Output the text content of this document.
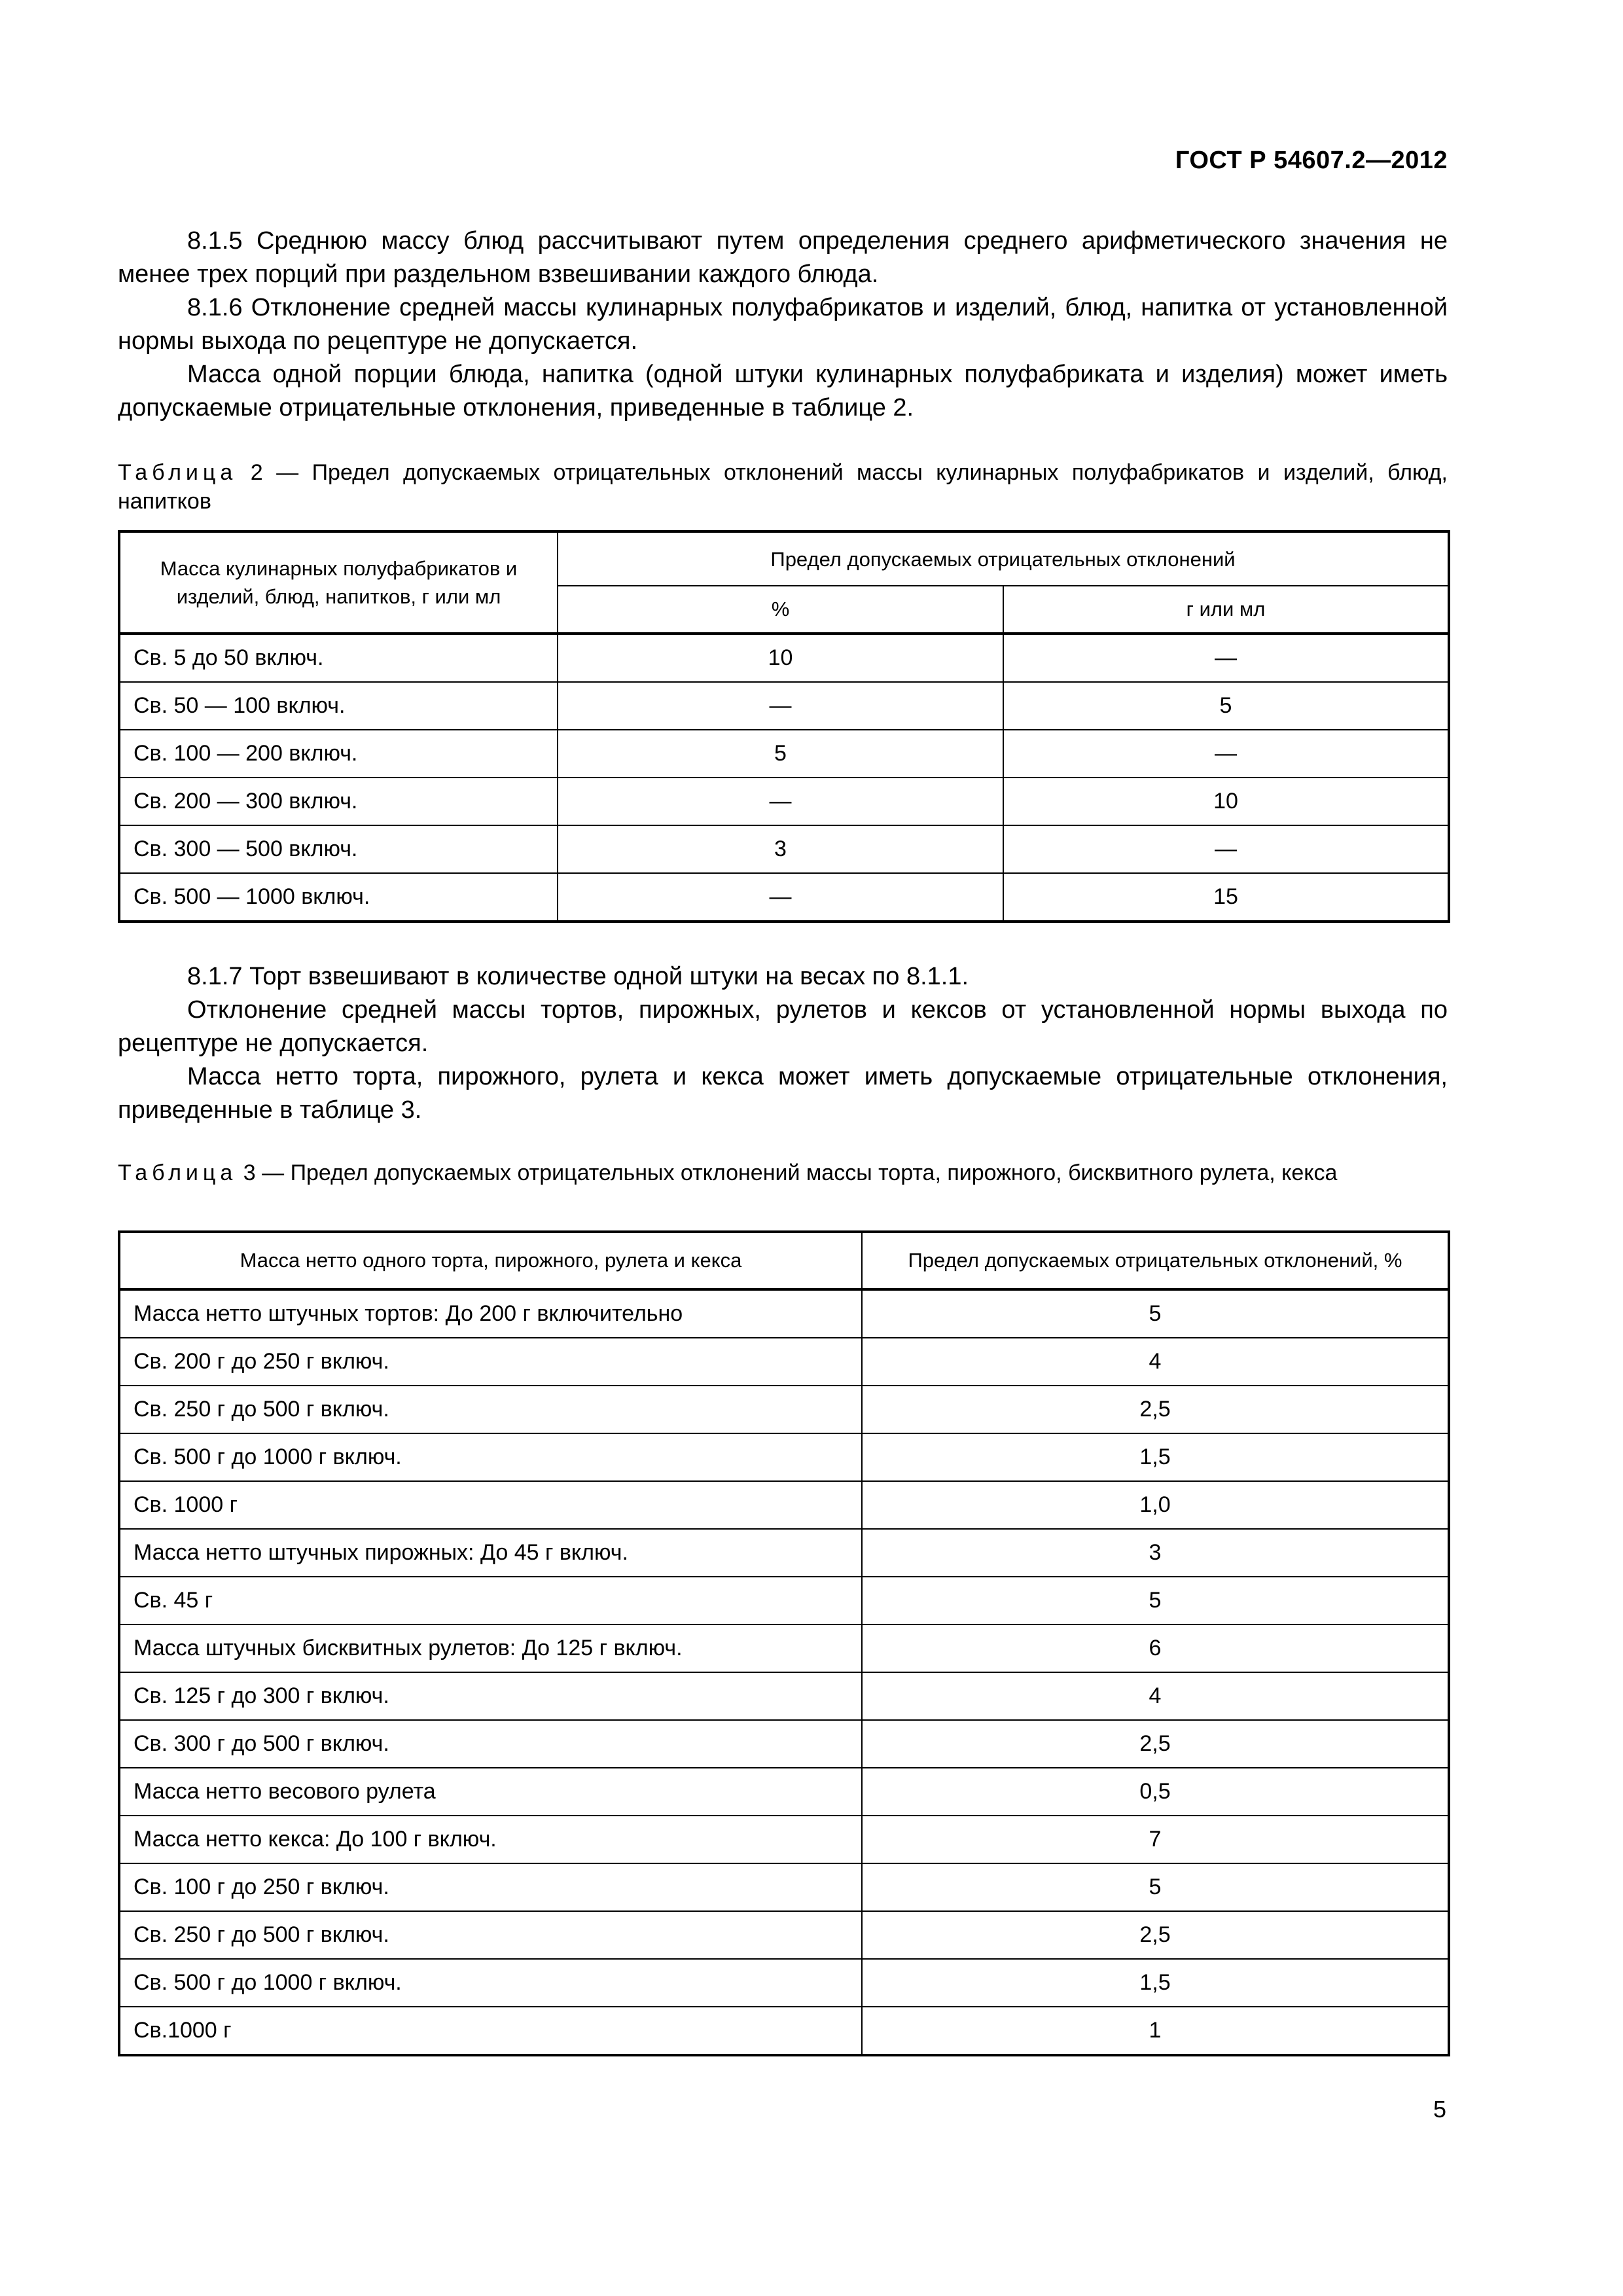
ГОСТ Р 54607.2—2012

8.1.5 Среднюю массу блюд рассчитывают путем определения среднего арифметического значения не менее трех порций при раздельном взвешивании каждого блюда.

8.1.6 Отклонение средней массы кулинарных полуфабрикатов и изделий, блюд, напитка от установленной нормы выхода по рецептуре не допускается.

Масса одной порции блюда, напитка (одной штуки кулинарных полуфабриката и изделия) может иметь допускаемые отрицательные отклонения, приведенные в таблице 2.

Таблица 2 — Предел допускаемых отрицательных отклонений массы кулинарных полуфабрикатов и изделий, блюд, напитков

Масса кулинарных полуфабрикатов и изделий, блюд, напитков, г или мл	Предел допускаемых отрицательных отклонений	
	%	г или мл
Св. 5 до 50 включ.	10	—
Св. 50 — 100 включ.	—	5
Св. 100 — 200 включ.	5	—
Св. 200 — 300 включ.	—	10
Св. 300 — 500 включ.	3	—
Св. 500 — 1000 включ.	—	15

8.1.7 Торт взвешивают в количестве одной штуки на весах по 8.1.1.

Отклонение средней массы тортов, пирожных, рулетов и кексов от установленной нормы выхода по рецептуре не допускается.

Масса нетто торта, пирожного, рулета и кекса может иметь допускаемые отрицательные отклонения, приведенные в таблице 3.

Таблица 3 — Предел допускаемых отрицательных отклонений массы торта, пирожного, бисквитного рулета, кекса

Масса нетто одного торта, пирожного, рулета и кекса	Предел допускаемых отрицательных отклонений, %
Масса нетто штучных тортов: До 200 г включительно	5
Св. 200 г до 250 г включ.	4
Св. 250 г до 500 г включ.	2,5
Св. 500 г до 1000 г включ.	1,5
Св. 1000 г	1,0
Масса нетто штучных пирожных: До 45 г включ.	3
Св. 45 г	5
Масса штучных бисквитных рулетов: До 125 г включ.	6
Св. 125 г до 300 г включ.	4
Св. 300 г до 500 г включ.	2,5
Масса нетто весового рулета	0,5
Масса нетто кекса: До 100 г включ.	7
Св. 100 г до 250 г включ.	5
Св. 250 г до 500 г включ.	2,5
Св. 500 г до 1000 г включ.	1,5
Св.1000 г	1
5
